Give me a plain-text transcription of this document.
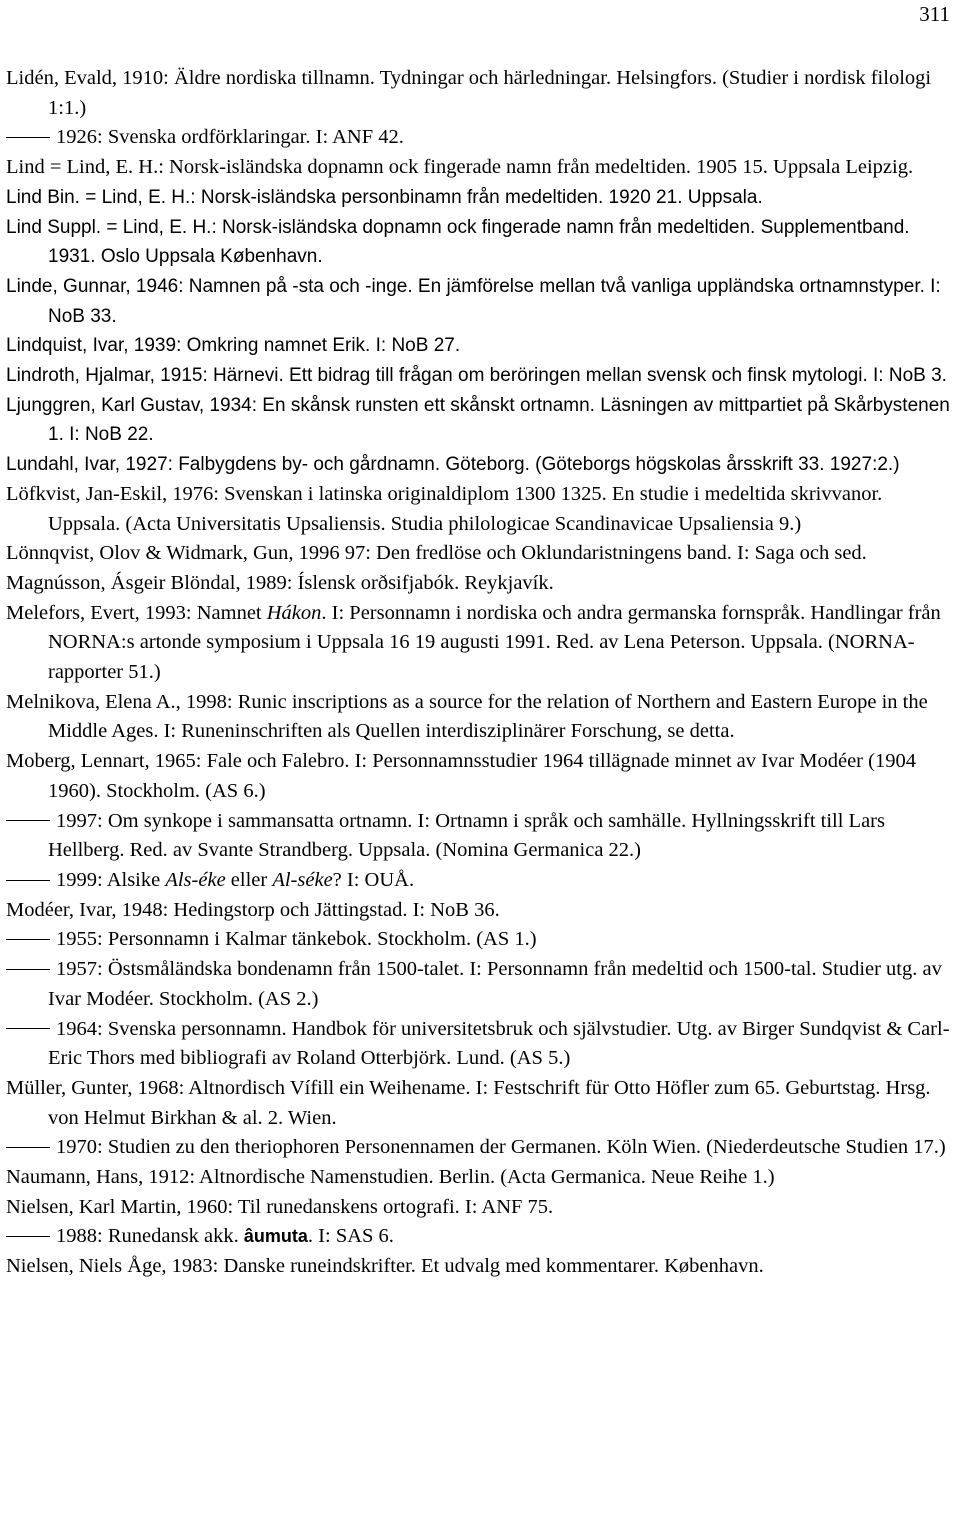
311
Lidén, Evald, 1910: Äldre nordiska tillnamn. Tydningar och härledningar. Helsingfors. (Studier i nordisk filologi 1:1.)
1926: Svenska ordförklaringar. I: ANF 42.
Lind = Lind, E. H.: Norsk-isländska dopnamn ock fingerade namn från medeltiden. 1905 15. Uppsala Leipzig.
Lind Bin. = Lind, E. H.: Norsk-isländska personbinamn från medeltiden. 1920 21. Uppsala.
Lind Suppl. = Lind, E. H.: Norsk-isländska dopnamn ock fingerade namn från medeltiden. Supplementband. 1931. Oslo Uppsala København.
Linde, Gunnar, 1946: Namnen på -sta och -inge. En jämförelse mellan två vanliga uppländska ortnamnstyper. I: NoB 33.
Lindquist, Ivar, 1939: Omkring namnet Erik. I: NoB 27.
Lindroth, Hjalmar, 1915: Härnevi. Ett bidrag till frågan om beröringen mellan svensk och finsk mytologi. I: NoB 3.
Ljunggren, Karl Gustav, 1934: En skånsk runsten ett skånskt ortnamn. Läsningen av mittpartiet på Skårbystenen 1. I: NoB 22.
Lundahl, Ivar, 1927: Falbygdens by- och gårdnamn. Göteborg. (Göteborgs högskolas årsskrift 33. 1927:2.)
Löfkvist, Jan-Eskil, 1976: Svenskan i latinska originaldiplom 1300 1325. En studie i medeltida skrivvanor. Uppsala. (Acta Universitatis Upsaliensis. Studia philologicae Scandinavicae Upsaliensia 9.)
Lönnqvist, Olov & Widmark, Gun, 1996 97: Den fredlöse och Oklundaristningens band. I: Saga och sed.
Magnússon, Ásgeir Blöndal, 1989: Íslensk orðsifjabók. Reykjavík.
Melefors, Evert, 1993: Namnet Hákon. I: Personnamn i nordiska och andra germanska fornspråk. Handlingar från NORNA:s artonde symposium i Uppsala 16 19 augusti 1991. Red. av Lena Peterson. Uppsala. (NORNA-rapporter 51.)
Melnikova, Elena A., 1998: Runic inscriptions as a source for the relation of Northern and Eastern Europe in the Middle Ages. I: Runeninschriften als Quellen interdisziplinärer Forschung, se detta.
Moberg, Lennart, 1965: Fale och Falebro. I: Personnamnsstudier 1964 tillägnade minnet av Ivar Modéer (1904 1960). Stockholm. (AS 6.)
1997: Om synkope i sammansatta ortnamn. I: Ortnamn i språk och samhälle. Hyllningsskrift till Lars Hellberg. Red. av Svante Strandberg. Uppsala. (Nomina Germanica 22.)
1999: Alsike Als-éke eller Al-séke? I: OUÅ.
Modéer, Ivar, 1948: Hedingstorp och Jättingstad. I: NoB 36.
1955: Personnamn i Kalmar tänkebok. Stockholm. (AS 1.)
1957: Östsmåländska bondenamn från 1500-talet. I: Personnamn från medeltid och 1500-tal. Studier utg. av Ivar Modéer. Stockholm. (AS 2.)
1964: Svenska personnamn. Handbok för universitetsbruk och självstudier. Utg. av Birger Sundqvist & Carl-Eric Thors med bibliografi av Roland Otterbjörk. Lund. (AS 5.)
Müller, Gunter, 1968: Altnordisch Vífill ein Weihename. I: Festschrift für Otto Höfler zum 65. Geburtstag. Hrsg. von Helmut Birkhan & al. 2. Wien.
1970: Studien zu den theriophoren Personennamen der Germanen. Köln Wien. (Niederdeutsche Studien 17.)
Naumann, Hans, 1912: Altnordische Namenstudien. Berlin. (Acta Germanica. Neue Reihe 1.)
Nielsen, Karl Martin, 1960: Til runedanskens ortografi. I: ANF 75.
1988: Runedansk akk. âumuta. I: SAS 6.
Nielsen, Niels Åge, 1983: Danske runeindskrifter. Et udvalg med kommentarer. København.
